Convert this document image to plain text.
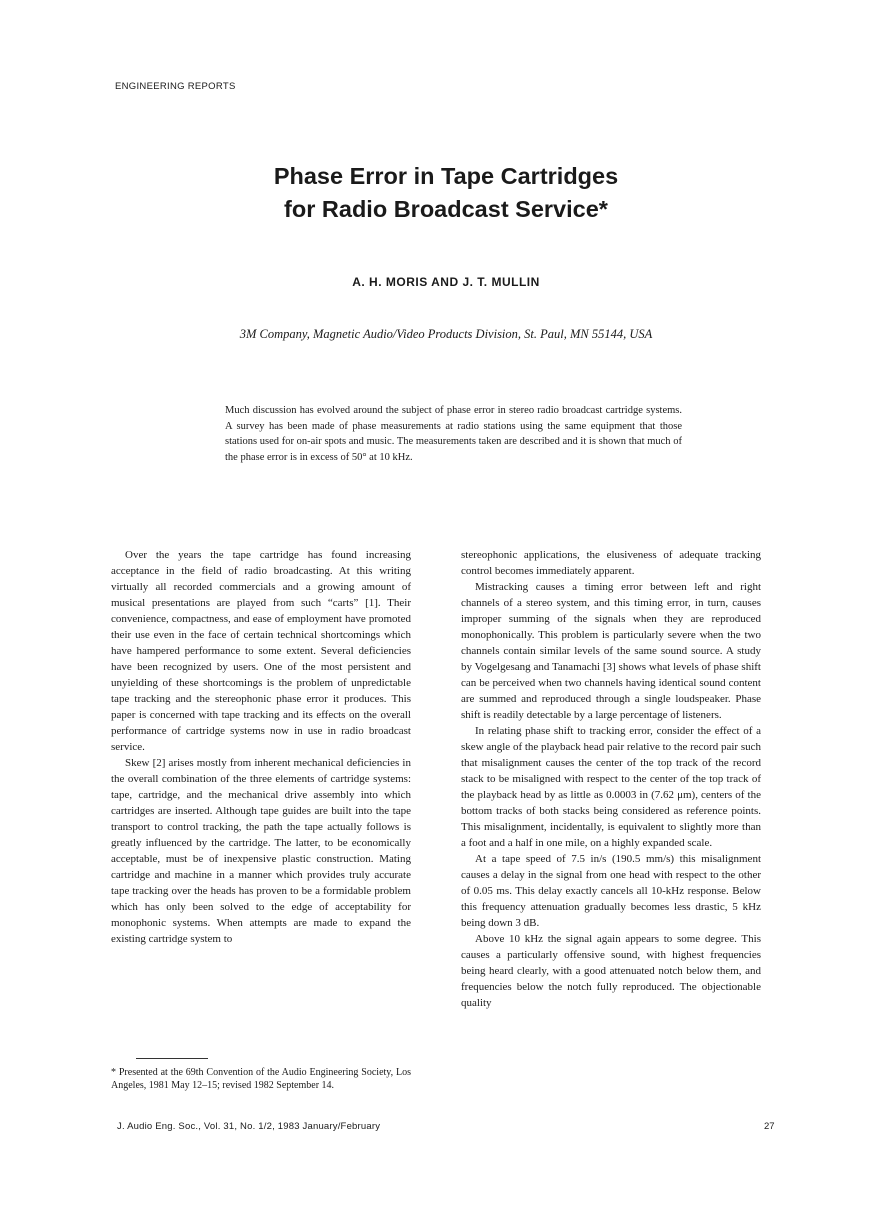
ENGINEERING REPORTS
Phase Error in Tape Cartridges
for Radio Broadcast Service*
A. H. MORIS AND J. T. MULLIN
3M Company, Magnetic Audio/Video Products Division, St. Paul, MN 55144, USA
Much discussion has evolved around the subject of phase error in stereo radio broadcast cartridge systems. A survey has been made of phase measurements at radio stations using the same equipment that those stations used for on-air spots and music. The measurements taken are described and it is shown that much of the phase error is in excess of 50° at 10 kHz.

Over the years the tape cartridge has found increasing acceptance in the field of radio broadcasting. At this writing virtually all recorded commercials and a growing amount of musical presentations are played from such “carts” [1]. Their convenience, compactness, and ease of employment have promoted their use even in the face of certain technical shortcomings which have hampered performance to some extent. Several deficiencies have been recognized by users. One of the most persistent and unyielding of these shortcomings is the problem of unpredictable tape tracking and the stereophonic phase error it produces. This paper is concerned with tape tracking and its effects on the overall performance of cartridge systems now in use in radio broadcast service.

Skew [2] arises mostly from inherent mechanical deficiencies in the overall combination of the three elements of cartridge systems: tape, cartridge, and the mechanical drive assembly into which cartridges are inserted. Although tape guides are built into the tape transport to control tracking, the path the tape actually follows is greatly influenced by the cartridge. The latter, to be economically acceptable, must be of inexpensive plastic construction. Mating cartridge and machine in a manner which provides truly accurate tape tracking over the heads has proven to be a formidable problem which has only been solved to the edge of acceptability for monophonic systems. When attempts are made to expand the existing cartridge system to

stereophonic applications, the elusiveness of adequate tracking control becomes immediately apparent.

Mistracking causes a timing error between left and right channels of a stereo system, and this timing error, in turn, causes improper summing of the signals when they are reproduced monophonically. This problem is particularly severe when the two channels contain similar levels of the same sound source. A study by Vogelgesang and Tanamachi [3] shows what levels of phase shift can be perceived when two channels having identical sound content are summed and reproduced through a single loudspeaker. Phase shift is readily detectable by a large percentage of listeners.

In relating phase shift to tracking error, consider the effect of a skew angle of the playback head pair relative to the record pair such that misalignment causes the center of the top track of the record stack to be misaligned with respect to the center of the top track of the playback head by as little as 0.0003 in (7.62 μm), centers of the bottom tracks of both stacks being considered as reference points. This misalignment, incidentally, is equivalent to slightly more than a foot and a half in one mile, on a highly expanded scale.

At a tape speed of 7.5 in/s (190.5 mm/s) this misalignment causes a delay in the signal from one head with respect to the other of 0.05 ms. This delay exactly cancels all 10-kHz response. Below this frequency attenuation gradually becomes less drastic, 5 kHz being down 3 dB.

Above 10 kHz the signal again appears to some degree. This causes a particularly offensive sound, with highest frequencies being heard clearly, with a good attenuated notch below them, and frequencies below the notch fully reproduced. The objectionable quality

* Presented at the 69th Convention of the Audio Engineering Society, Los Angeles, 1981 May 12–15; revised 1982 September 14.
J. Audio Eng. Soc., Vol. 31, No. 1/2, 1983 January/February	27
